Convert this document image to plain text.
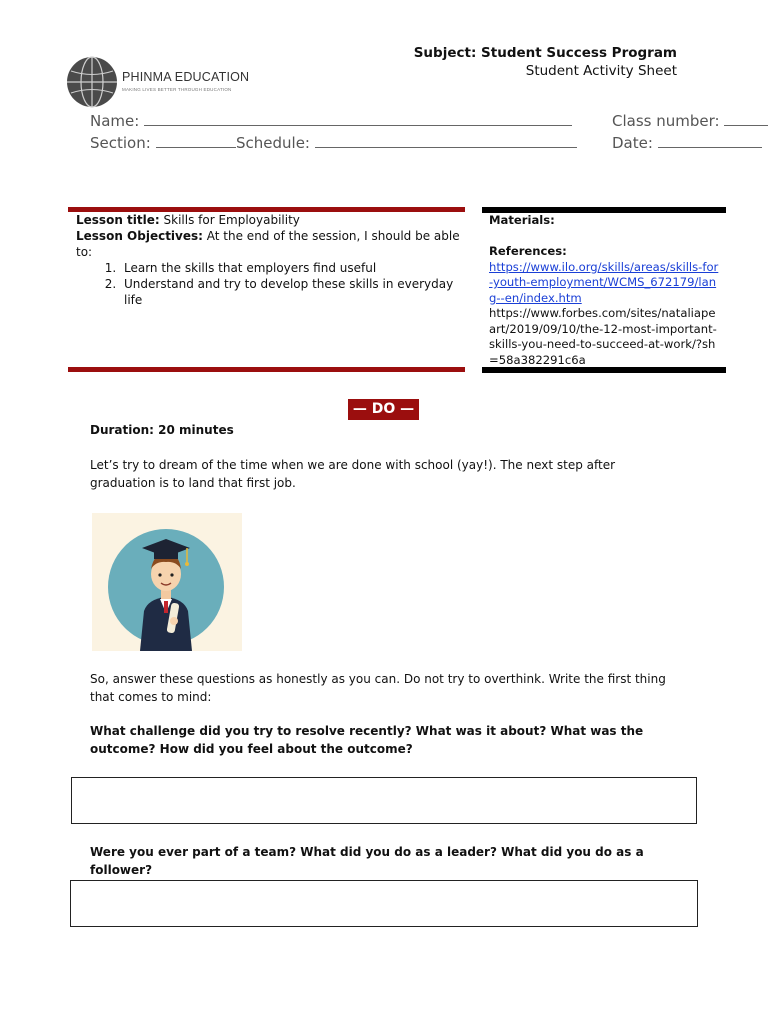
PHINMA EDUCATION
MAKING LIVES BETTER THROUGH EDUCATION
Subject: Student Success Program
Student Activity Sheet
Name:	Class number:
Section:	Schedule:	Date:
Lesson title: Skills for Employability
Lesson Objectives: At the end of the session, I should be able to:
1. Learn the skills that employers find useful
2. Understand and try to develop these skills in everyday life
Materials:
References:
https://www.ilo.org/skills/areas/skills-for-youth-employment/WCMS_672179/lang--en/index.htm
https://www.forbes.com/sites/nataliapeart/2019/09/10/the-12-most-important-skills-you-need-to-succeed-at-work/?sh=58a382291c6a
— DO —
Duration: 20 minutes
Let’s try to dream of the time when we are done with school (yay!). The next step after graduation is to land that first job.
So, answer these questions as honestly as you can. Do not try to overthink. Write the first thing that comes to mind:
What challenge did you try to resolve recently? What was it about? What was the outcome? How did you feel about the outcome?
Were you ever part of a team? What did you do as a leader? What did you do as a follower?
